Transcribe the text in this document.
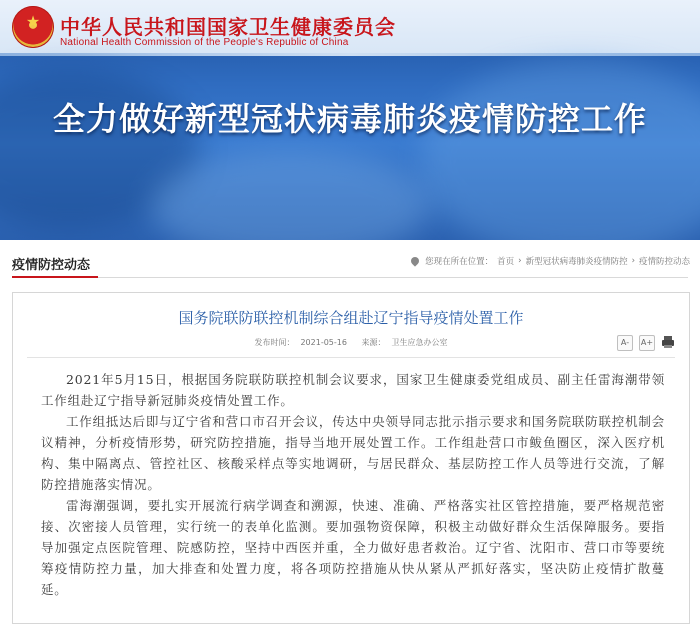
★ 中华人民共和国国家卫生健康委员会
National Health Commission of the People's Republic of China
全力做好新型冠状病毒肺炎疫情防控工作
疫情防控动态	您现在所在位置： 首页 › 新型冠状病毒肺炎疫情防控 › 疫情防控动态
国务院联防联控机制综合组赴辽宁指导疫情处置工作
发布时间： 2021-05-16 来源： 卫生应急办公室	A-	A+

2021年5月15日，根据国务院联防联控机制会议要求，国家卫生健康委党组成员、副主任雷海潮带领工作组赴辽宁指导新冠肺炎疫情处置工作。

工作组抵达后即与辽宁省和营口市召开会议，传达中央领导同志批示指示要求和国务院联防联控机制会议精神，分析疫情形势，研究防控措施，指导当地开展处置工作。工作组赴营口市鲅鱼圈区，深入医疗机构、集中隔离点、管控社区、核酸采样点等实地调研，与居民群众、基层防控工作人员等进行交流，了解防控措施落实情况。

雷海潮强调，要扎实开展流行病学调查和溯源，快速、准确、严格落实社区管控措施，要严格规范密接、次密接人员管理，实行统一的表单化监测。要加强物资保障，积极主动做好群众生活保障服务。要指导加强定点医院管理、院感防控，坚持中西医并重，全力做好患者救治。辽宁省、沈阳市、营口市等要统筹疫情防控力量，加大排查和处置力度，将各项防控措施从快从紧从严抓好落实，坚决防止疫情扩散蔓延。
